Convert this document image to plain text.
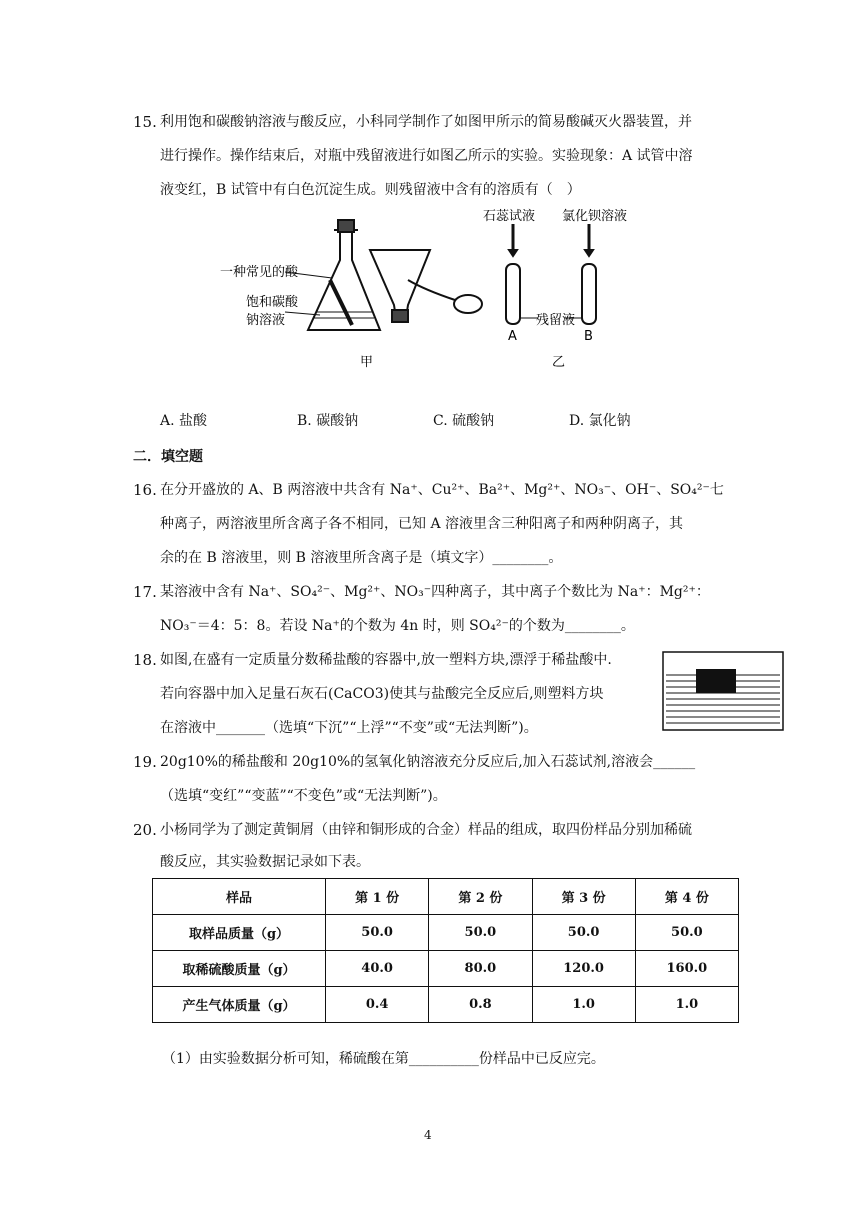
15. 利用饱和碳酸钠溶液与酸反应，小科同学制作了如图甲所示的简易酸碱灭火器装置，并
进行操作。操作结束后，对瓶中残留液进行如图乙所示的实验。实验现象：A 试管中溶
液变红，B 试管中有白色沉淀生成。则残留液中含有的溶质有（　）
一种常见的酸
饱和碳酸
钠溶液
甲
石蕊试液 氯化钡溶液
残留液
A	B
乙
A. 盐酸	B. 碳酸钠	C. 硫酸钠	D. 氯化钠
二．填空题
16. 在分开盛放的 A、B 两溶液中共含有 Na⁺、Cu²⁺、Ba²⁺、Mg²⁺、NO₃⁻、OH⁻、SO₄²⁻七
种离子，两溶液里所含离子各不相同，已知 A 溶液里含三种阳离子和两种阴离子，其
余的在 B 溶液里，则 B 溶液里所含离子是（填文字）________。
17. 某溶液中含有 Na⁺、SO₄²⁻、Mg²⁺、NO₃⁻四种离子，其中离子个数比为 Na⁺：Mg²⁺：
NO₃⁻＝4：5：8。若设 Na⁺的个数为 4n 时，则 SO₄²⁻的个数为________。
18. 如图,在盛有一定质量分数稀盐酸的容器中,放一塑料方块,漂浮于稀盐酸中.
若向容器中加入足量石灰石(CaCO3)使其与盐酸完全反应后,则塑料方块
在溶液中_______（选填“下沉”“上浮”“不变”或“无法判断”)。
19. 20g10%的稀盐酸和 20g10%的氢氧化钠溶液充分反应后,加入石蕊试剂,溶液会______
（选填“变红”“变蓝”“不变色”或“无法判断”)。
20. 小杨同学为了测定黄铜屑（由锌和铜形成的合金）样品的组成，取四份样品分别加稀硫
酸反应，其实验数据记录如下表。
样品	第 1 份	第 2 份	第 3 份	第 4 份
取样品质量（g）	50.0	50.0	50.0	50.0
取稀硫酸质量（g）	40.0	80.0	120.0	160.0
产生气体质量（g）	0.4	0.8	1.0	1.0
（1）由实验数据分析可知，稀硫酸在第__________份样品中已反应完。
4
